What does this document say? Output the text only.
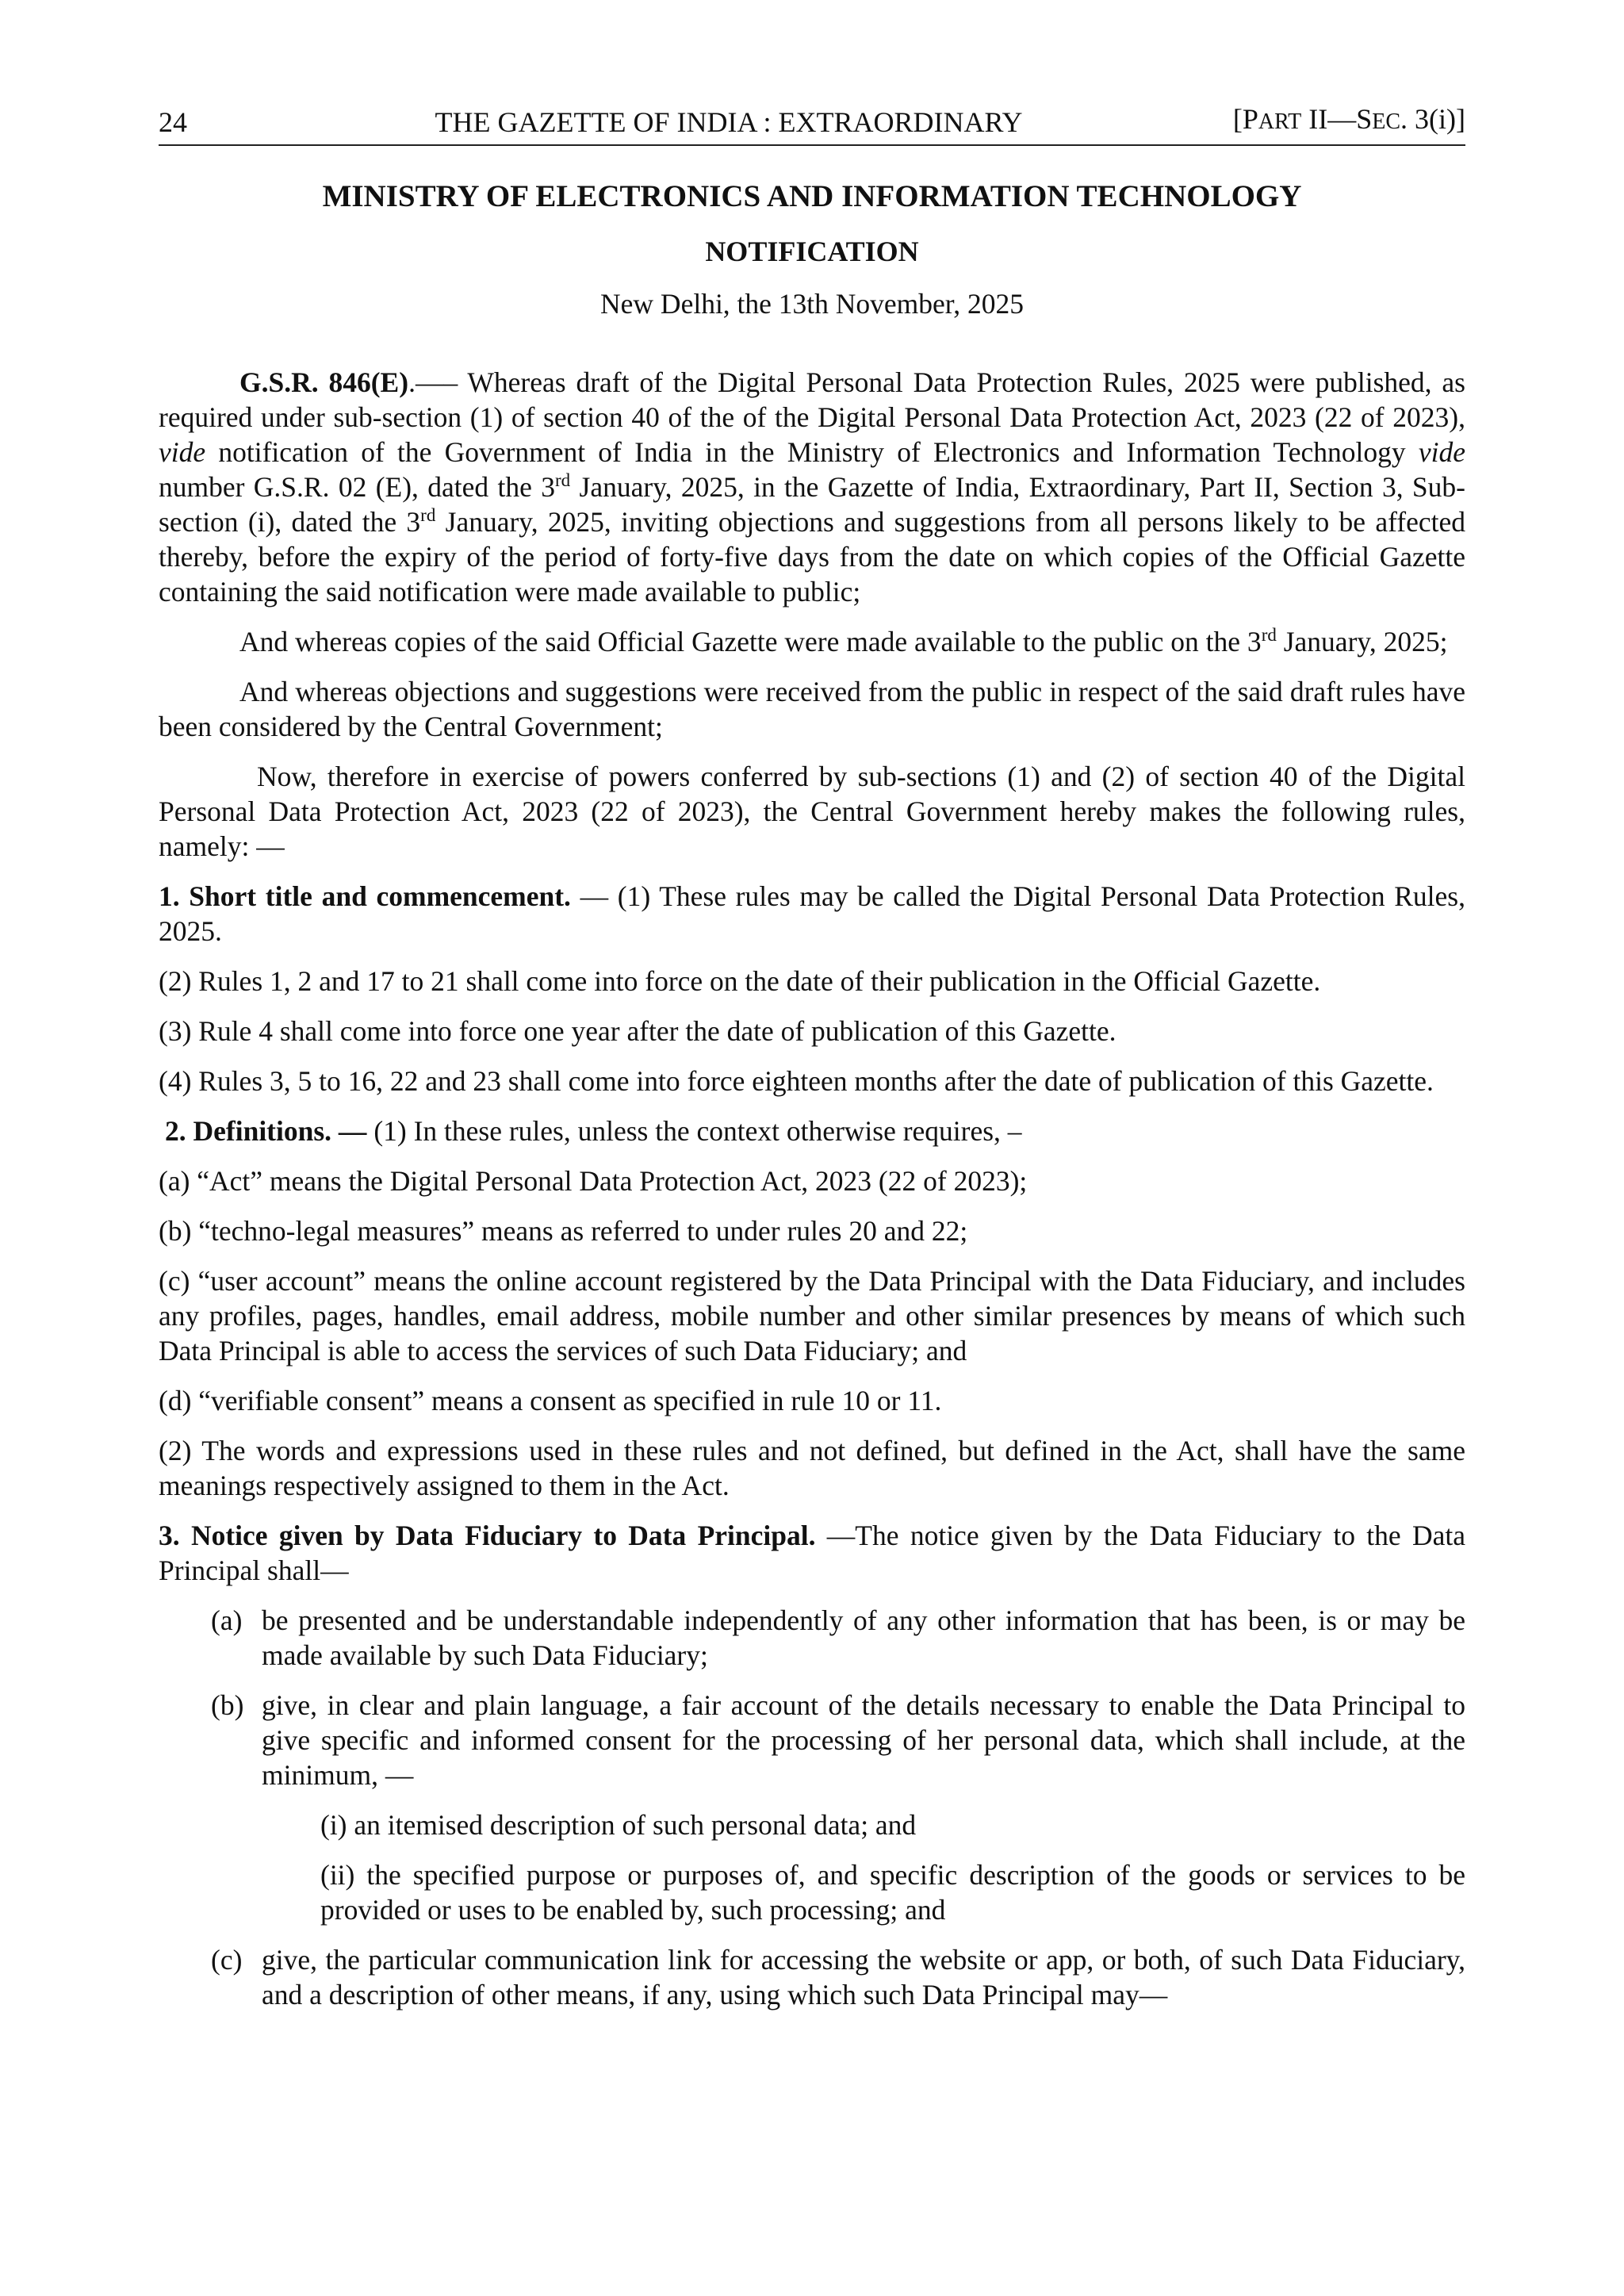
24	THE GAZETTE OF INDIA : EXTRAORDINARY	[PART II—SEC. 3(i)]
MINISTRY OF ELECTRONICS AND INFORMATION TECHNOLOGY
NOTIFICATION
New Delhi, the 13th November, 2025

G.S.R. 846(E).—– Whereas draft of the Digital Personal Data Protection Rules, 2025 were published, as required under sub-section (1) of section 40 of the of the Digital Personal Data Protection Act, 2023 (22 of 2023), vide notification of the Government of India in the Ministry of Electronics and Information Technology vide number G.S.R. 02 (E), dated the 3rd January, 2025, in the Gazette of India, Extraordinary, Part II, Section 3, Sub-section (i), dated the 3rd January, 2025, inviting objections and suggestions from all persons likely to be affected thereby, before the expiry of the period of forty-five days from the date on which copies of the Official Gazette containing the said notification were made available to public;

And whereas copies of the said Official Gazette were made available to the public on the 3rd January, 2025;

And whereas objections and suggestions were received from the public in respect of the said draft rules have been considered by the Central Government;

Now, therefore in exercise of powers conferred by sub-sections (1) and (2) of section 40 of the Digital Personal Data Protection Act, 2023 (22 of 2023), the Central Government hereby makes the following rules, namely: —

1. Short title and commencement. — (1) These rules may be called the Digital Personal Data Protection Rules, 2025.

(2) Rules 1, 2 and 17 to 21 shall come into force on the date of their publication in the Official Gazette.

(3) Rule 4 shall come into force one year after the date of publication of this Gazette.

(4) Rules 3, 5 to 16, 22 and 23 shall come into force eighteen months after the date of publication of this Gazette.

2. Definitions. — (1) In these rules, unless the context otherwise requires, –

(a) “Act” means the Digital Personal Data Protection Act, 2023 (22 of 2023);

(b) “techno-legal measures” means as referred to under rules 20 and 22;

(c) “user account” means the online account registered by the Data Principal with the Data Fiduciary, and includes any profiles, pages, handles, email address, mobile number and other similar presences by means of which such Data Principal is able to access the services of such Data Fiduciary; and

(d) “verifiable consent” means a consent as specified in rule 10 or 11.

(2) The words and expressions used in these rules and not defined, but defined in the Act, shall have the same meanings respectively assigned to them in the Act.

3. Notice given by Data Fiduciary to Data Principal. —The notice given by the Data Fiduciary to the Data Principal shall—

(a) be presented and be understandable independently of any other information that has been, is or may be made available by such Data Fiduciary;
(b) give, in clear and plain language, a fair account of the details necessary to enable the Data Principal to give specific and informed consent for the processing of her personal data, which shall include, at the minimum, —
(i) an itemised description of such personal data; and
(ii) the specified purpose or purposes of, and specific description of the goods or services to be provided or uses to be enabled by, such processing; and
(c) give, the particular communication link for accessing the website or app, or both, of such Data Fiduciary, and a description of other means, if any, using which such Data Principal may—
